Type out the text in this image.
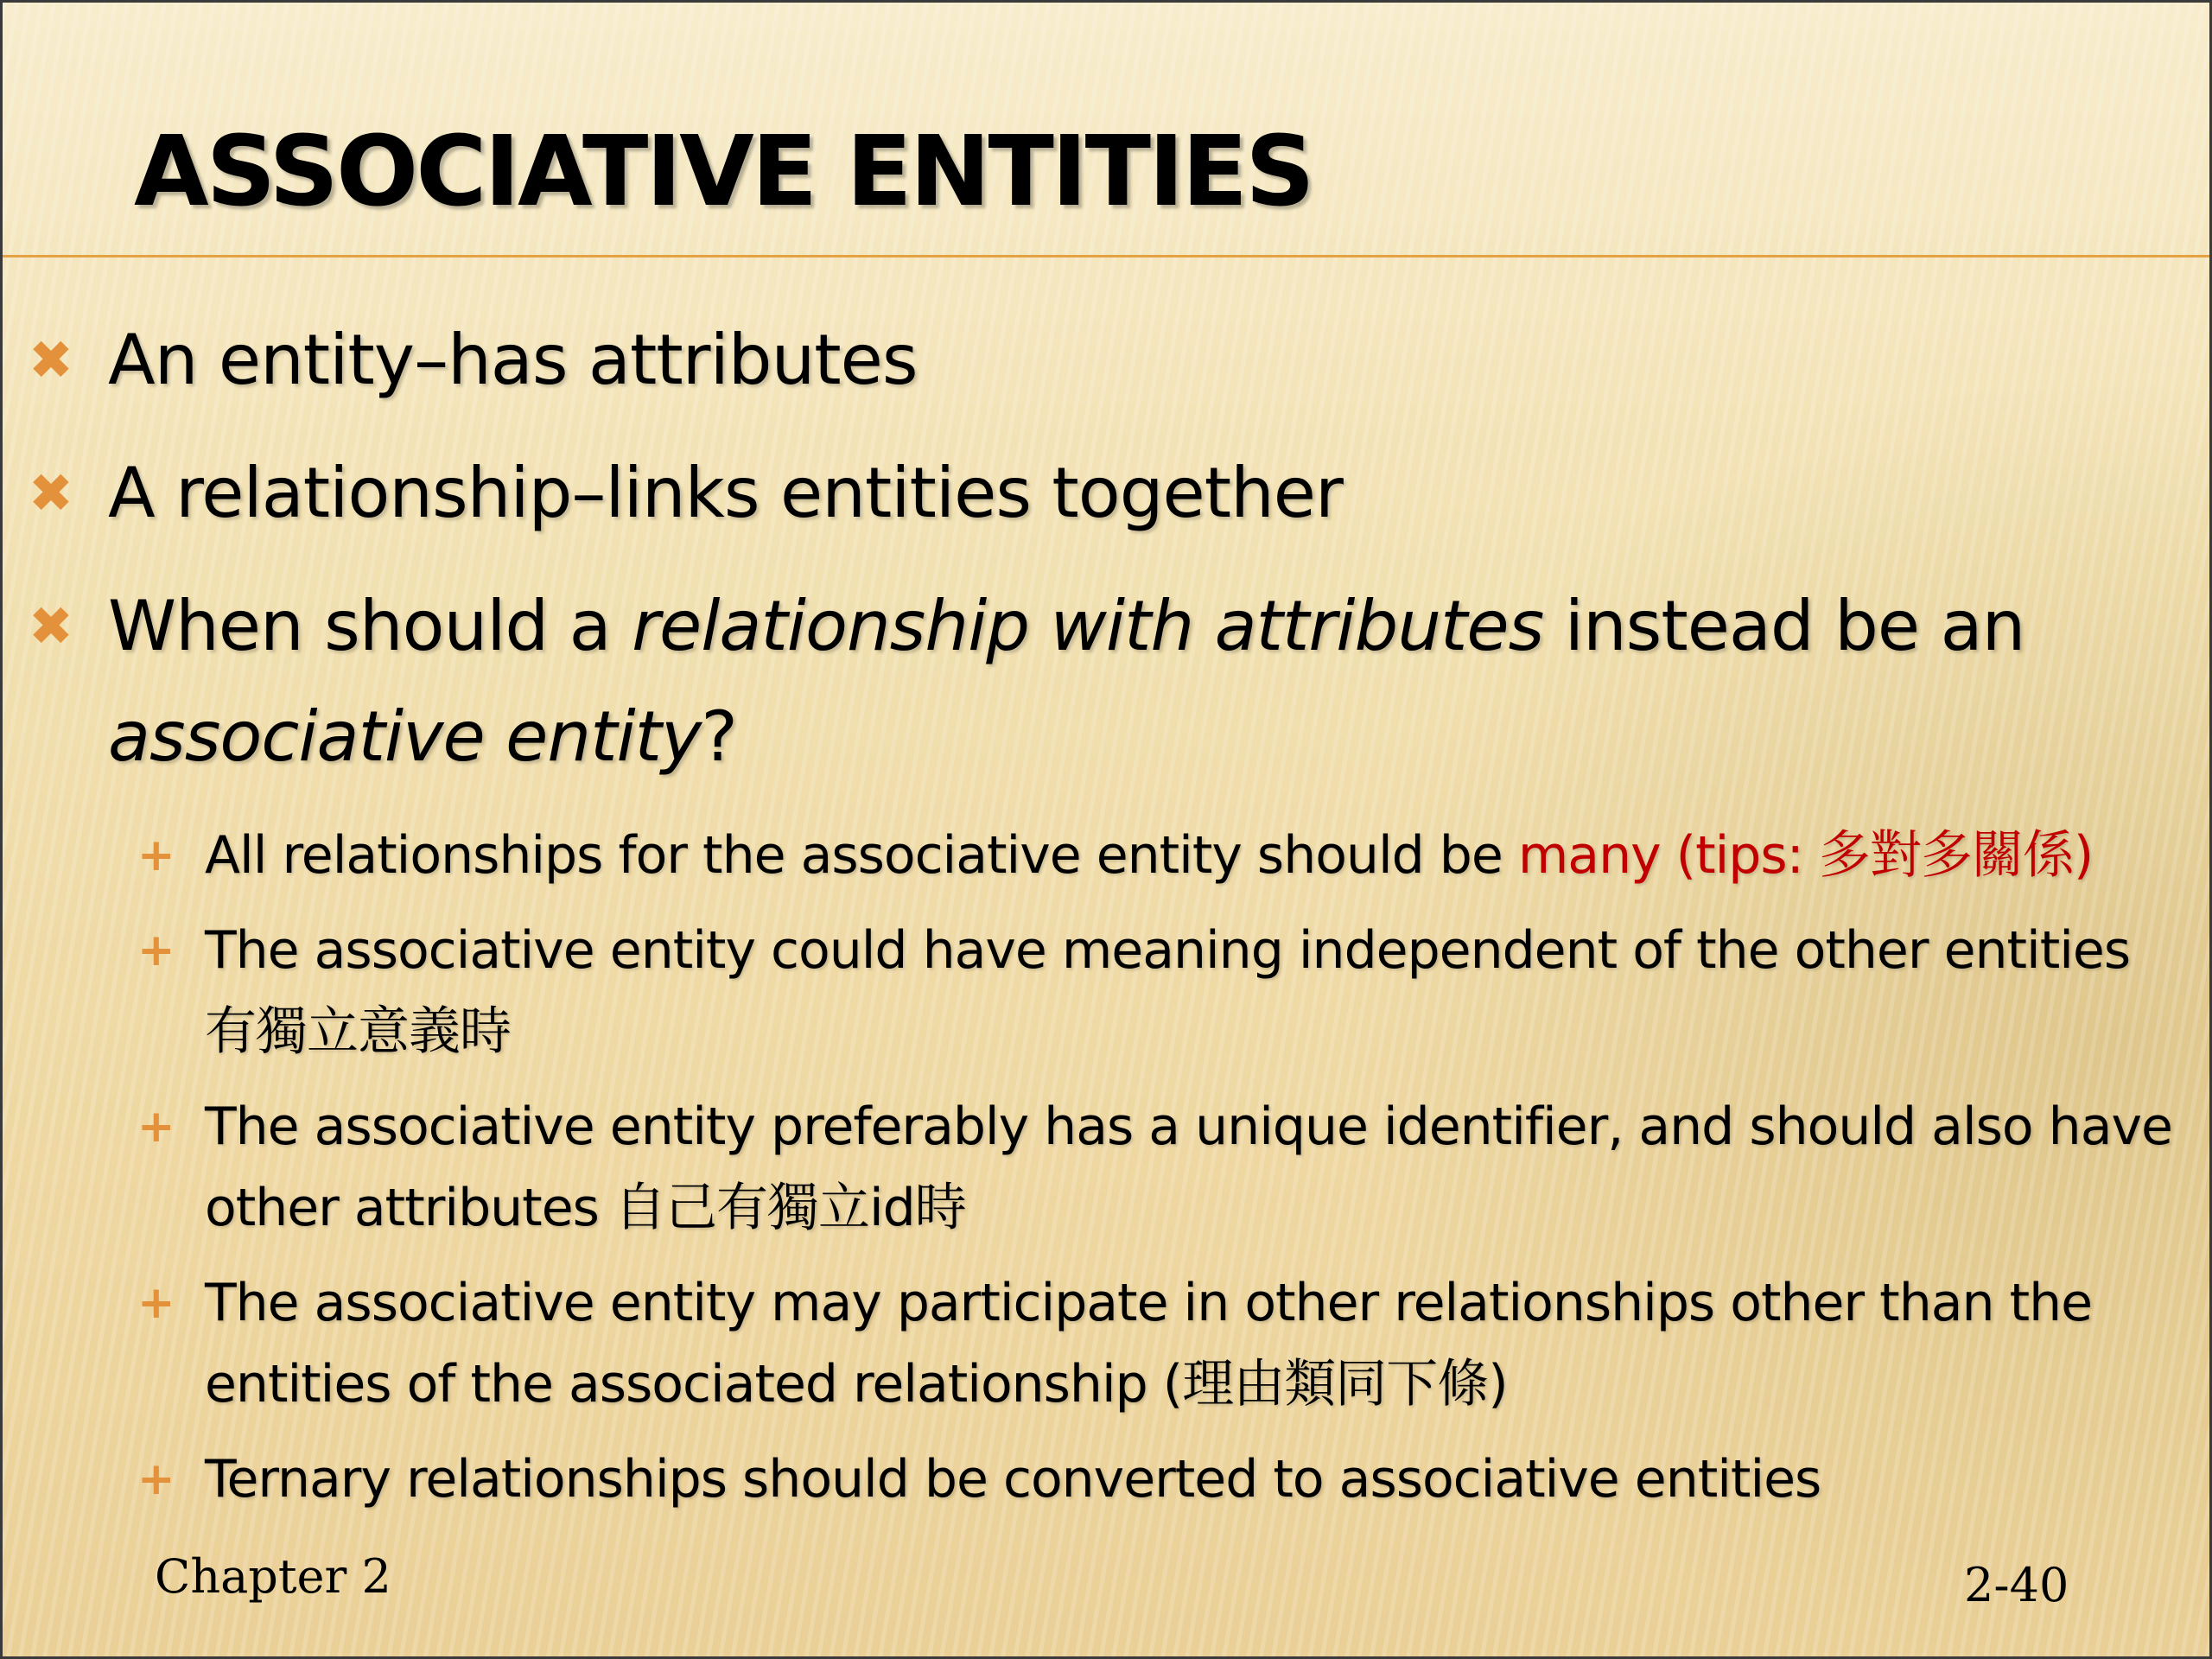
ASSOCIATIVE ENTITIES
✖ An entity–has attributes
✖ A relationship–links entities together
✖ When should a relationship with attributes instead be an associative entity?
+ All relationships for the associative entity should be many (tips: 多對多關係)
+ The associative entity could have meaning independent of the other entities 有獨立意義時
+ The associative entity preferably has a unique identifier, and should also have other attributes 自己有獨立id時
+ The associative entity may participate in other relationships other than the entities of the associated relationship (理由類同下條)
+ Ternary relationships should be converted to associative entities
Chapter 2	2-40
